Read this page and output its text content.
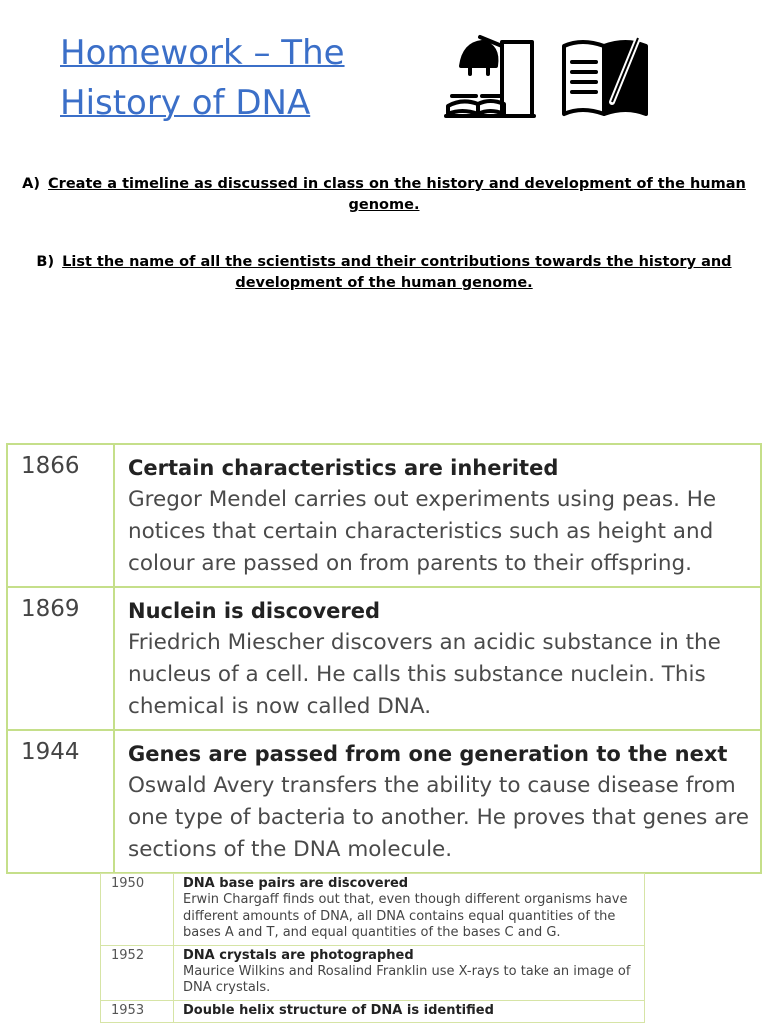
Homework – The
History of DNA
A) Create a timeline as discussed in class on the history and development of the human genome.
B) List the name of all the scientists and their contributions towards the history and development of the human genome.
1866	Certain characteristics are inherited
Gregor Mendel carries out experiments using peas. He notices that certain characteristics such as height and colour are passed on from parents to their offspring.

1869	Nuclein is discovered
Friedrich Miescher discovers an acidic substance in the nucleus of a cell. He calls this substance nuclein. This chemical is now called DNA.

1944	Genes are passed from one generation to the next
Oswald Avery transfers the ability to cause disease from one type of bacteria to another. He proves that genes are sections of the DNA molecule.
1950	DNA base pairs are discovered
Erwin Chargaff finds out that, even though different organisms have different amounts of DNA, all DNA contains equal quantities of the bases A and T, and equal quantities of the bases C and G.

1952	DNA crystals are photographed
Maurice Wilkins and Rosalind Franklin use X-rays to take an image of DNA crystals.

1953	Double helix structure of DNA is identified
